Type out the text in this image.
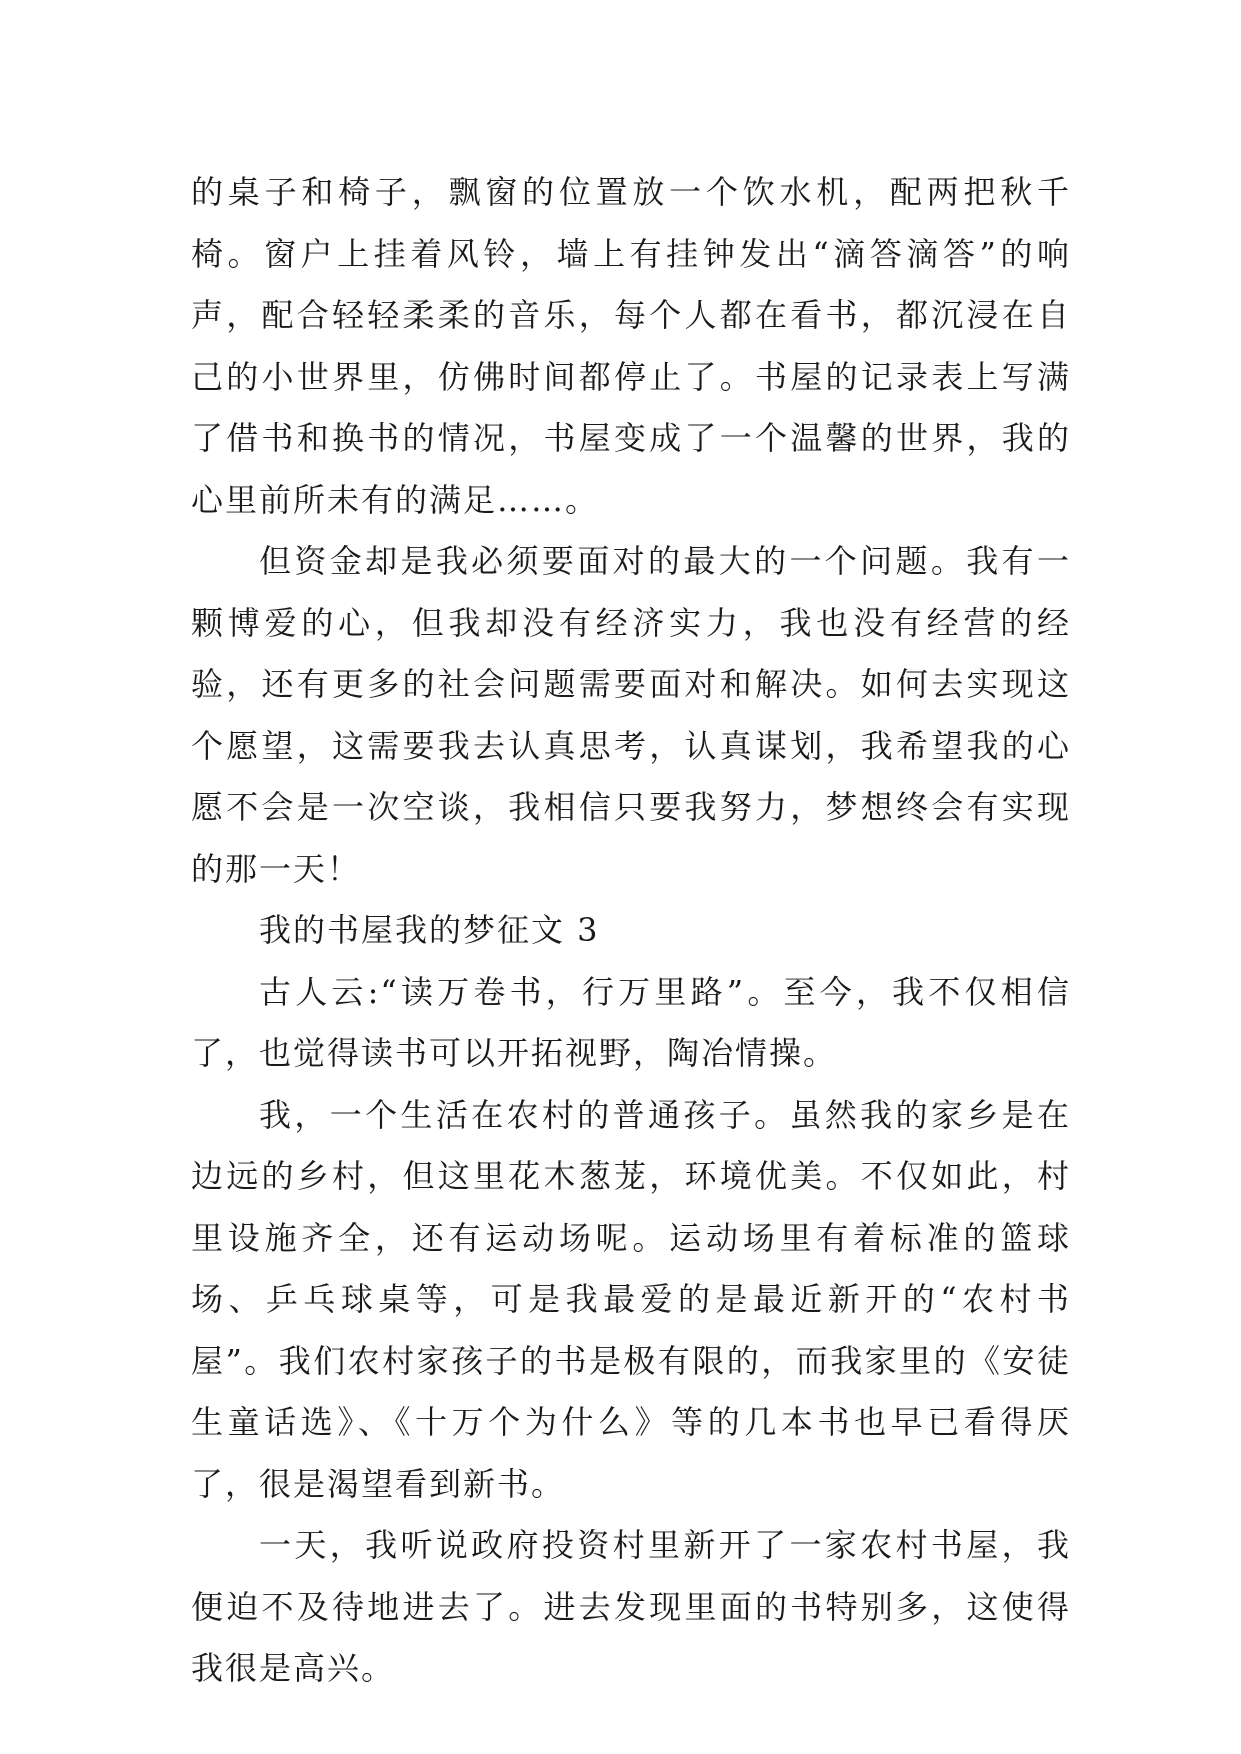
的桌子和椅子，飘窗的位置放一个饮水机，配两把秋千椅。窗户上挂着风铃，墙上有挂钟发出“滴答滴答”的响声，配合轻轻柔柔的音乐，每个人都在看书，都沉浸在自己的小世界里，仿佛时间都停止了。书屋的记录表上写满了借书和换书的情况，书屋变成了一个温馨的世界，我的心里前所未有的满足……。

但资金却是我必须要面对的最大的一个问题。我有一颗博爱的心，但我却没有经济实力，我也没有经营的经验，还有更多的社会问题需要面对和解决。如何去实现这个愿望，这需要我去认真思考，认真谋划，我希望我的心愿不会是一次空谈，我相信只要我努力，梦想终会有实现的那一天！

我的书屋我的梦征文 3

古人云:“读万卷书，行万里路”。至今，我不仅相信了，也觉得读书可以开拓视野，陶冶情操。

我，一个生活在农村的普通孩子。虽然我的家乡是在边远的乡村，但这里花木葱茏，环境优美。不仅如此，村里设施齐全，还有运动场呢。运动场里有着标准的篮球场、乒乓球桌等，可是我最爱的是最近新开的“农村书屋”。我们农村家孩子的书是极有限的，而我家里的《安徒生童话选》、《十万个为什么》等的几本书也早已看得厌了，很是渴望看到新书。

一天，我听说政府投资村里新开了一家农村书屋，我便迫不及待地进去了。进去发现里面的书特别多，这使得我很是高兴。
